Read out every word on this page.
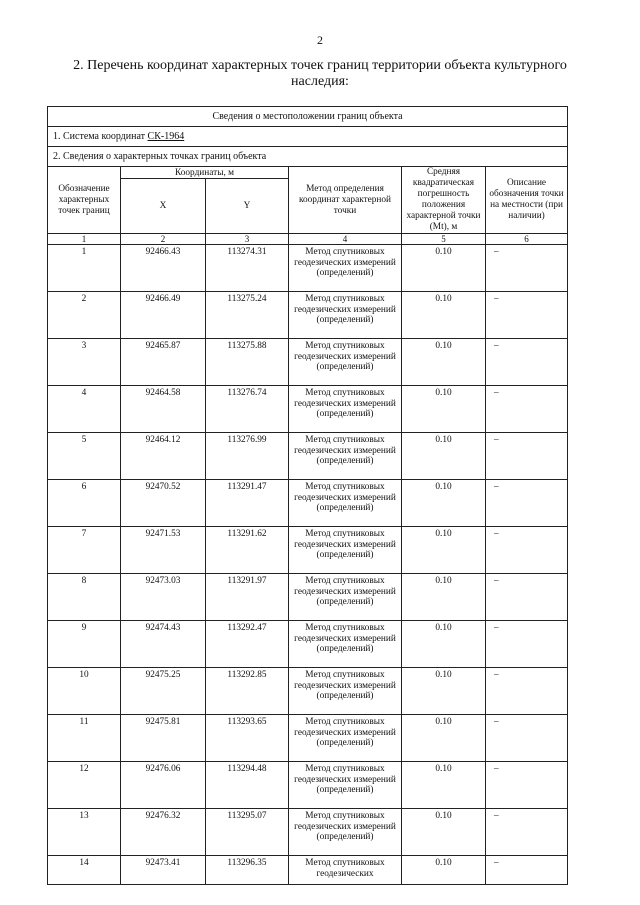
2
2. Перечень координат характерных точек границ территории объекта культурного наследия:
Сведения о местоположении границ объекта					
1. Система координат СК-1964					
2. Сведения о характерных точках границ объекта					
Обозначение характерных точек границ	Координаты, м		Метод определения координат характерной точки	Средняя квадратическая погрешность положения характерной точки (Mt), м	Описание обозначения точки на местности (при наличии)
	X	Y			
1	2	3	4	5	6
1	92466.43	113274.31	Метод спутниковых геодезических измерений (определений)	0.10	–
2	92466.49	113275.24	Метод спутниковых геодезических измерений (определений)	0.10	–
3	92465.87	113275.88	Метод спутниковых геодезических измерений (определений)	0.10	–
4	92464.58	113276.74	Метод спутниковых геодезических измерений (определений)	0.10	–
5	92464.12	113276.99	Метод спутниковых геодезических измерений (определений)	0.10	–
6	92470.52	113291.47	Метод спутниковых геодезических измерений (определений)	0.10	–
7	92471.53	113291.62	Метод спутниковых геодезических измерений (определений)	0.10	–
8	92473.03	113291.97	Метод спутниковых геодезических измерений (определений)	0.10	–
9	92474.43	113292.47	Метод спутниковых геодезических измерений (определений)	0.10	–
10	92475.25	113292.85	Метод спутниковых геодезических измерений (определений)	0.10	–
11	92475.81	113293.65	Метод спутниковых геодезических измерений (определений)	0.10	–
12	92476.06	113294.48	Метод спутниковых геодезических измерений (определений)	0.10	–
13	92476.32	113295.07	Метод спутниковых геодезических измерений (определений)	0.10	–
14	92473.41	113296.35	Метод спутниковых геодезических	0.10	–
